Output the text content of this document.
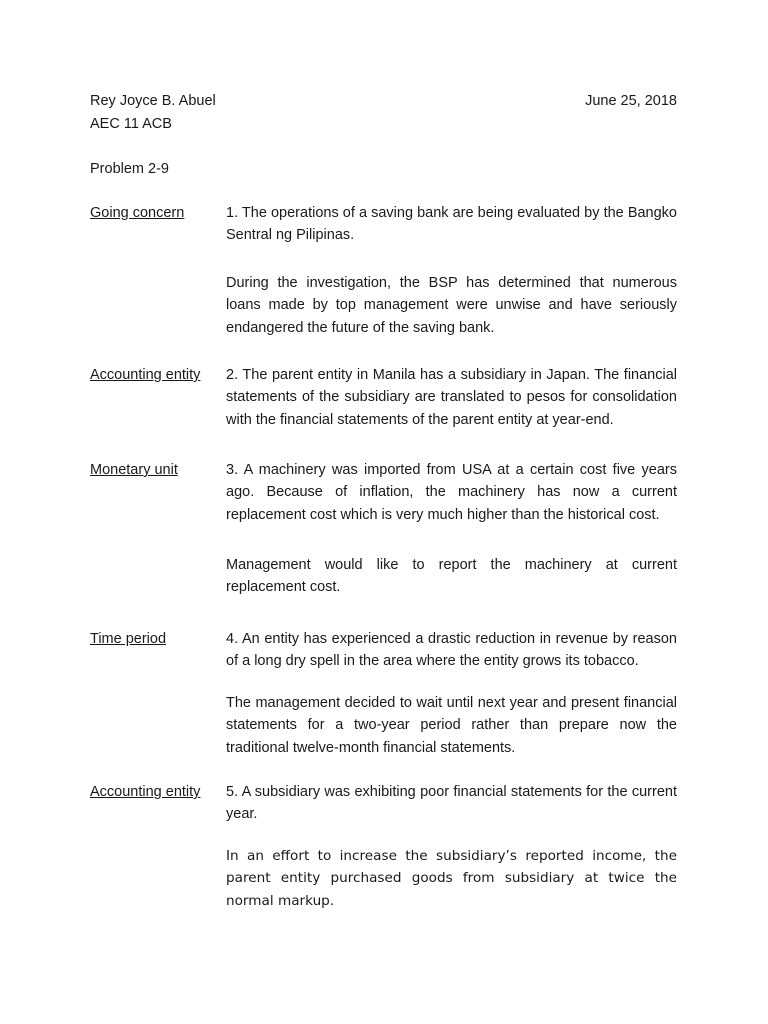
Rey Joyce B. Abuel	June 25, 2018
AEC 11 ACB
Problem 2-9
Going concern	1. The operations of a saving bank are being evaluated by the Bangko Sentral ng Pilipinas.
During the investigation, the BSP has determined that numerous loans made by top management were unwise and have seriously endangered the future of the saving bank.
Accounting entity 2. The parent entity in Manila has a subsidiary in Japan. The financial statements of the subsidiary are translated to pesos for consolidation with the financial statements of the parent entity at year-end.
Monetary unit	3. A machinery was imported from USA at a certain cost five years ago. Because of inflation, the machinery has now a current replacement cost which is very much higher than the historical cost.
Management would like to report the machinery at current replacement cost.
Time period	4. An entity has experienced a drastic reduction in revenue by reason of a long dry spell in the area where the entity grows its tobacco.
The management decided to wait until next year and present financial statements for a two-year period rather than prepare now the traditional twelve-month financial statements.
Accounting entity 5. A subsidiary was exhibiting poor financial statements for the current year.
In an effort to increase the subsidiary’s reported income, the parent entity purchased goods from subsidiary at twice the normal markup.
